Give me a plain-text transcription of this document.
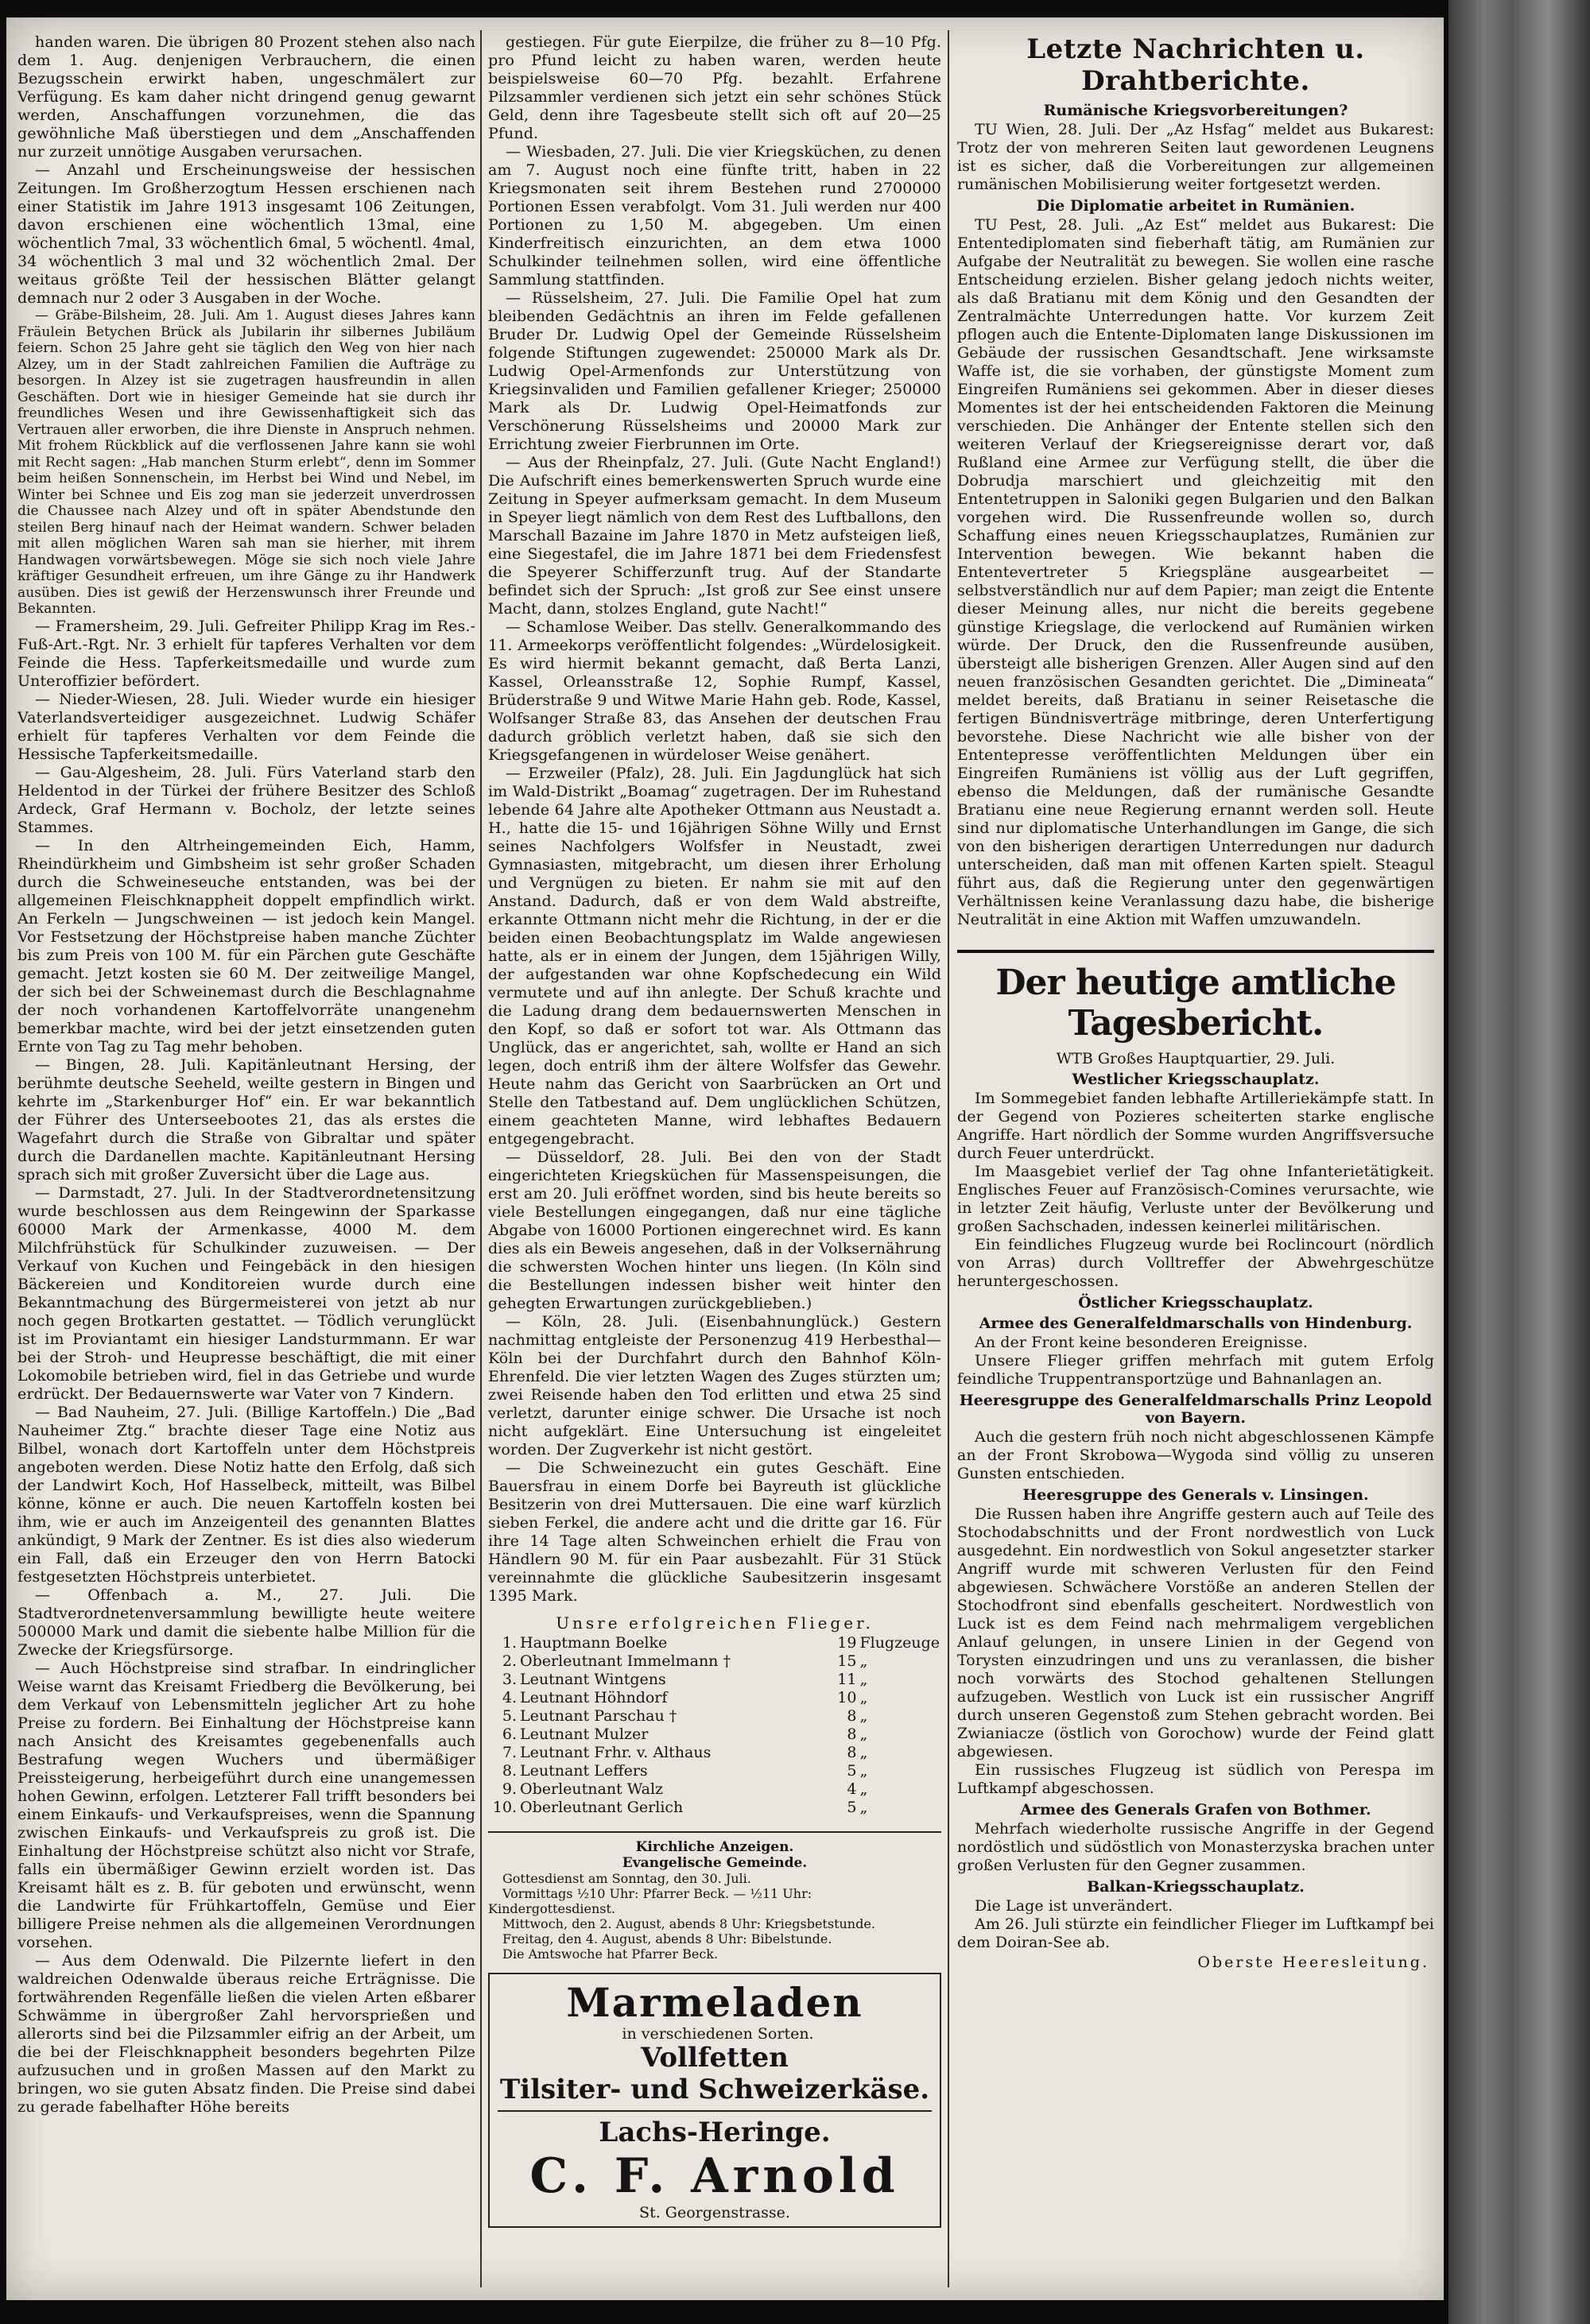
handen waren. Die übrigen 80 Prozent stehen also nach dem 1. Aug. denjenigen Verbrauchern, die einen Bezugsschein erwirkt haben, ungeschmälert zur Verfügung. Es kam daher nicht dringend genug gewarnt werden, Anschaffungen vorzunehmen, die das gewöhnliche Maß überstiegen und dem „Anschaffenden nur zurzeit unnötige Ausgaben verursachen.

— Anzahl und Erscheinungsweise der hessischen Zeitungen. Im Großherzogtum Hessen erschienen nach einer Statistik im Jahre 1913 insgesamt 106 Zeitungen, davon erschienen eine wöchentlich 13mal, eine wöchentlich 7mal, 33 wöchentlich 6mal, 5 wöchentl. 4mal, 34 wöchentlich 3 mal und 32 wöchentlich 2mal. Der weitaus größte Teil der hessischen Blätter gelangt demnach nur 2 oder 3 Ausgaben in der Woche.

— Gräbe-Bilsheim, 28. Juli. Am 1. August dieses Jahres kann Fräulein Betychen Brück als Jubilarin ihr silbernes Jubiläum feiern. Schon 25 Jahre geht sie täglich den Weg von hier nach Alzey, um in der Stadt zahlreichen Familien die Aufträge zu besorgen. In Alzey ist sie zugetragen hausfreundin in allen Geschäften. Dort wie in hiesiger Gemeinde hat sie durch ihr freundliches Wesen und ihre Gewissenhaftigkeit sich das Vertrauen aller erworben, die ihre Dienste in Anspruch nehmen. Mit frohem Rückblick auf die verflossenen Jahre kann sie wohl mit Recht sagen: „Hab manchen Sturm erlebt“, denn im Sommer beim heißen Sonnenschein, im Herbst bei Wind und Nebel, im Winter bei Schnee und Eis zog man sie jederzeit unverdrossen die Chaussee nach Alzey und oft in später Abendstunde den steilen Berg hinauf nach der Heimat wandern. Schwer beladen mit allen möglichen Waren sah man sie hierher, mit ihrem Handwagen vorwärtsbewegen. Möge sie sich noch viele Jahre kräftiger Gesundheit erfreuen, um ihre Gänge zu ihr Handwerk ausüben. Dies ist gewiß der Herzenswunsch ihrer Freunde und Bekannten.

— Framersheim, 29. Juli. Gefreiter Philipp Krag im Res.-Fuß-Art.-Rgt. Nr. 3 erhielt für tapferes Verhalten vor dem Feinde die Hess. Tapferkeitsmedaille und wurde zum Unteroffizier befördert.

— Nieder-Wiesen, 28. Juli. Wieder wurde ein hiesiger Vaterlandsverteidiger ausgezeichnet. Ludwig Schäfer erhielt für tapferes Verhalten vor dem Feinde die Hessische Tapferkeitsmedaille.

— Gau-Algesheim, 28. Juli. Fürs Vaterland starb den Heldentod in der Türkei der frühere Besitzer des Schloß Ardeck, Graf Hermann v. Bocholz, der letzte seines Stammes.

— In den Altrheingemeinden Eich, Hamm, Rheindürkheim und Gimbsheim ist sehr großer Schaden durch die Schweineseuche entstanden, was bei der allgemeinen Fleischknappheit doppelt empfindlich wirkt. An Ferkeln — Jungschweinen — ist jedoch kein Mangel. Vor Festsetzung der Höchstpreise haben manche Züchter bis zum Preis von 100 M. für ein Pärchen gute Geschäfte gemacht. Jetzt kosten sie 60 M. Der zeitweilige Mangel, der sich bei der Schweinemast durch die Beschlagnahme der noch vorhandenen Kartoffelvorräte unangenehm bemerkbar machte, wird bei der jetzt einsetzenden guten Ernte von Tag zu Tag mehr behoben.

— Bingen, 28. Juli. Kapitänleutnant Hersing, der berühmte deutsche Seeheld, weilte gestern in Bingen und kehrte im „Starkenburger Hof“ ein. Er war bekanntlich der Führer des Unterseebootes 21, das als erstes die Wagefahrt durch die Straße von Gibraltar und später durch die Dardanellen machte. Kapitänleutnant Hersing sprach sich mit großer Zuversicht über die Lage aus.

— Darmstadt, 27. Juli. In der Stadtverordnetensitzung wurde beschlossen aus dem Reingewinn der Sparkasse 60000 Mark der Armenkasse, 4000 M. dem Milchfrühstück für Schulkinder zuzuweisen. — Der Verkauf von Kuchen und Feingebäck in den hiesigen Bäckereien und Konditoreien wurde durch eine Bekanntmachung des Bürgermeisterei von jetzt ab nur noch gegen Brotkarten gestattet. — Tödlich verunglückt ist im Proviantamt ein hiesiger Landsturmmann. Er war bei der Stroh- und Heupresse beschäftigt, die mit einer Lokomobile betrieben wird, fiel in das Getriebe und wurde erdrückt. Der Bedauernswerte war Vater von 7 Kindern.

— Bad Nauheim, 27. Juli. (Billige Kartoffeln.) Die „Bad Nauheimer Ztg.“ brachte dieser Tage eine Notiz aus Bilbel, wonach dort Kartoffeln unter dem Höchstpreis angeboten werden. Diese Notiz hatte den Erfolg, daß sich der Landwirt Koch, Hof Hasselbeck, mitteilt, was Bilbel könne, könne er auch. Die neuen Kartoffeln kosten bei ihm, wie er auch im Anzeigenteil des genannten Blattes ankündigt, 9 Mark der Zentner. Es ist dies also wiederum ein Fall, daß ein Erzeuger den von Herrn Batocki festgesetzten Höchstpreis unterbietet.

— Offenbach a. M., 27. Juli. Die Stadtverordnetenversammlung bewilligte heute weitere 500000 Mark und damit die siebente halbe Million für die Zwecke der Kriegsfürsorge.

— Auch Höchstpreise sind strafbar. In eindringlicher Weise warnt das Kreisamt Friedberg die Bevölkerung, bei dem Verkauf von Lebensmitteln jeglicher Art zu hohe Preise zu fordern. Bei Einhaltung der Höchstpreise kann nach Ansicht des Kreisamtes gegebenenfalls auch Bestrafung wegen Wuchers und übermäßiger Preissteigerung, herbeigeführt durch eine unangemessen hohen Gewinn, erfolgen. Letzterer Fall trifft besonders bei einem Einkaufs- und Verkaufspreises, wenn die Spannung zwischen Einkaufs- und Verkaufspreis zu groß ist. Die Einhaltung der Höchstpreise schützt also nicht vor Strafe, falls ein übermäßiger Gewinn erzielt worden ist. Das Kreisamt hält es z. B. für geboten und erwünscht, wenn die Landwirte für Frühkartoffeln, Gemüse und Eier billigere Preise nehmen als die allgemeinen Verordnungen vorsehen.

— Aus dem Odenwald. Die Pilzernte liefert in den waldreichen Odenwalde überaus reiche Erträgnisse. Die fortwährenden Regenfälle ließen die vielen Arten eßbarer Schwämme in übergroßer Zahl hervorsprießen und allerorts sind bei die Pilzsammler eifrig an der Arbeit, um die bei der Fleischknappheit besonders begehrten Pilze aufzusuchen und in großen Massen auf den Markt zu bringen, wo sie guten Absatz finden. Die Preise sind dabei zu gerade fabelhafter Höhe bereits

gestiegen. Für gute Eierpilze, die früher zu 8—10 Pfg. pro Pfund leicht zu haben waren, werden heute beispielsweise 60—70 Pfg. bezahlt. Erfahrene Pilzsammler verdienen sich jetzt ein sehr schönes Stück Geld, denn ihre Tagesbeute stellt sich oft auf 20—25 Pfund.

— Wiesbaden, 27. Juli. Die vier Kriegsküchen, zu denen am 7. August noch eine fünfte tritt, haben in 22 Kriegsmonaten seit ihrem Bestehen rund 2700000 Portionen Essen verabfolgt. Vom 31. Juli werden nur 400 Portionen zu 1,50 M. abgegeben. Um einen Kinderfreitisch einzurichten, an dem etwa 1000 Schulkinder teilnehmen sollen, wird eine öffentliche Sammlung stattfinden.

— Rüsselsheim, 27. Juli. Die Familie Opel hat zum bleibenden Gedächtnis an ihren im Felde gefallenen Bruder Dr. Ludwig Opel der Gemeinde Rüsselsheim folgende Stiftungen zugewendet: 250000 Mark als Dr. Ludwig Opel-Armenfonds zur Unterstützung von Kriegsinvaliden und Familien gefallener Krieger; 250000 Mark als Dr. Ludwig Opel-Heimatfonds zur Verschönerung Rüsselsheims und 20000 Mark zur Errichtung zweier Fierbrunnen im Orte.

— Aus der Rheinpfalz, 27. Juli. (Gute Nacht England!) Die Aufschrift eines bemerkenswerten Spruch wurde eine Zeitung in Speyer aufmerksam gemacht. In dem Museum in Speyer liegt nämlich von dem Rest des Luftballons, den Marschall Bazaine im Jahre 1870 in Metz aufsteigen ließ, eine Siegestafel, die im Jahre 1871 bei dem Friedensfest die Speyerer Schifferzunft trug. Auf der Standarte befindet sich der Spruch: „Ist groß zur See einst unsere Macht, dann, stolzes England, gute Nacht!“

— Schamlose Weiber. Das stellv. Generalkommando des 11. Armeekorps veröffentlicht folgendes: „Würdelosigkeit. Es wird hiermit bekannt gemacht, daß Berta Lanzi, Kassel, Orleansstraße 12, Sophie Rumpf, Kassel, Brüderstraße 9 und Witwe Marie Hahn geb. Rode, Kassel, Wolfsanger Straße 83, das Ansehen der deutschen Frau dadurch gröblich verletzt haben, daß sie sich den Kriegsgefangenen in würdeloser Weise genähert.

— Erzweiler (Pfalz), 28. Juli. Ein Jagdunglück hat sich im Wald-Distrikt „Boamag“ zugetragen. Der im Ruhestand lebende 64 Jahre alte Apotheker Ottmann aus Neustadt a. H., hatte die 15- und 16jährigen Söhne Willy und Ernst seines Nachfolgers Wolfsfer in Neustadt, zwei Gymnasiasten, mitgebracht, um diesen ihrer Erholung und Vergnügen zu bieten. Er nahm sie mit auf den Anstand. Dadurch, daß er von dem Wald abstreifte, erkannte Ottmann nicht mehr die Richtung, in der er die beiden einen Beobachtungsplatz im Walde angewiesen hatte, als er in einem der Jungen, dem 15jährigen Willy, der aufgestanden war ohne Kopfschedecung ein Wild vermutete und auf ihn anlegte. Der Schuß krachte und die Ladung drang dem bedauernswerten Menschen in den Kopf, so daß er sofort tot war. Als Ottmann das Unglück, das er angerichtet, sah, wollte er Hand an sich legen, doch entriß ihm der ältere Wolfsfer das Gewehr. Heute nahm das Gericht von Saarbrücken an Ort und Stelle den Tatbestand auf. Dem unglücklichen Schützen, einem geachteten Manne, wird lebhaftes Bedauern entgegengebracht.

— Düsseldorf, 28. Juli. Bei den von der Stadt eingerichteten Kriegsküchen für Massenspeisungen, die erst am 20. Juli eröffnet worden, sind bis heute bereits so viele Bestellungen eingegangen, daß nur eine tägliche Abgabe von 16000 Portionen eingerechnet wird. Es kann dies als ein Beweis angesehen, daß in der Volksernährung die schwersten Wochen hinter uns liegen. (In Köln sind die Bestellungen indessen bisher weit hinter den gehegten Erwartungen zurückgeblieben.)

— Köln, 28. Juli. (Eisenbahnunglück.) Gestern nachmittag entgleiste der Personenzug 419 Herbesthal—Köln bei der Durchfahrt durch den Bahnhof Köln-Ehrenfeld. Die vier letzten Wagen des Zuges stürzten um; zwei Reisende haben den Tod erlitten und etwa 25 sind verletzt, darunter einige schwer. Die Ursache ist noch nicht aufgeklärt. Eine Untersuchung ist eingeleitet worden. Der Zugverkehr ist nicht gestört.

— Die Schweinezucht ein gutes Geschäft. Eine Bauersfrau in einem Dorfe bei Bayreuth ist glückliche Besitzerin von drei Muttersauen. Die eine warf kürzlich sieben Ferkel, die andere acht und die dritte gar 16. Für ihre 14 Tage alten Schweinchen erhielt die Frau von Händlern 90 M. für ein Paar ausbezahlt. Für 31 Stück vereinnahmte die glückliche Saubesitzerin insgesamt 1395 Mark.

Unsre erfolgreichen Flieger.
1.	Hauptmann Boelke	19	Flugzeuge
2.	Oberleutnant Immelmann †	15	„
3.	Leutnant Wintgens	11	„
4.	Leutnant Höhndorf	10	„
5.	Leutnant Parschau †	8	„
6.	Leutnant Mulzer	8	„
7.	Leutnant Frhr. v. Althaus	8	„
8.	Leutnant Leffers	5	„
9.	Oberleutnant Walz	4	„
10.	Oberleutnant Gerlich	5	„

Kirchliche Anzeigen.

Evangelische Gemeinde.

Gottesdienst am Sonntag, den 30. Juli.

Vormittags ½10 Uhr: Pfarrer Beck. — ½11 Uhr: Kindergottesdienst.

Mittwoch, den 2. August, abends 8 Uhr: Kriegsbetstunde.

Freitag, den 4. August, abends 8 Uhr: Bibelstunde.

Die Amtswoche hat Pfarrer Beck.

Marmeladen in verschiedenen Sorten.

Vollfetten

Tilsiter- und Schweizerkäse.

Lachs-Heringe.

C. F. Arnold

St. Georgenstrasse.

Letzte Nachrichten u. Drahtberichte.

Rumänische Kriegsvorbereitungen?

TU Wien, 28. Juli. Der „Az Hsfag“ meldet aus Bukarest: Trotz der von mehreren Seiten laut gewordenen Leugnens ist es sicher, daß die Vorbereitungen zur allgemeinen rumänischen Mobilisierung weiter fortgesetzt werden.

Die Diplomatie arbeitet in Rumänien.

TU Pest, 28. Juli. „Az Est“ meldet aus Bukarest: Die Ententediplomaten sind fieberhaft tätig, am Rumänien zur Aufgabe der Neutralität zu bewegen. Sie wollen eine rasche Entscheidung erzielen. Bisher gelang jedoch nichts weiter, als daß Bratianu mit dem König und den Gesandten der Zentralmächte Unterredungen hatte. Vor kurzem Zeit pflogen auch die Entente-Diplomaten lange Diskussionen im Gebäude der russischen Gesandtschaft. Jene wirksamste Waffe ist, die sie vorhaben, der günstigste Moment zum Eingreifen Rumäniens sei gekommen. Aber in dieser dieses Momentes ist der hei entscheidenden Faktoren die Meinung verschieden. Die Anhänger der Entente stellen sich den weiteren Verlauf der Kriegsereignisse derart vor, daß Rußland eine Armee zur Verfügung stellt, die über die Dobrudja marschiert und gleichzeitig mit den Ententetruppen in Saloniki gegen Bulgarien und den Balkan vorgehen wird. Die Russenfreunde wollen so, durch Schaffung eines neuen Kriegsschauplatzes, Rumänien zur Intervention bewegen. Wie bekannt haben die Ententevertreter 5 Kriegspläne ausgearbeitet — selbstverständlich nur auf dem Papier; man zeigt die Entente dieser Meinung alles, nur nicht die bereits gegebene günstige Kriegslage, die verlockend auf Rumänien wirken würde. Der Druck, den die Russenfreunde ausüben, übersteigt alle bisherigen Grenzen. Aller Augen sind auf den neuen französischen Gesandten gerichtet. Die „Dimineata“ meldet bereits, daß Bratianu in seiner Reisetasche die fertigen Bündnisverträge mitbringe, deren Unterfertigung bevorstehe. Diese Nachricht wie alle bisher von der Ententepresse veröffentlichten Meldungen über ein Eingreifen Rumäniens ist völlig aus der Luft gegriffen, ebenso die Meldungen, daß der rumänische Gesandte Bratianu eine neue Regierung ernannt werden soll. Heute sind nur diplomatische Unterhandlungen im Gange, die sich von den bisherigen derartigen Unterredungen nur dadurch unterscheiden, daß man mit offenen Karten spielt. Steagul führt aus, daß die Regierung unter den gegenwärtigen Verhältnissen keine Veranlassung dazu habe, die bisherige Neutralität in eine Aktion mit Waffen umzuwandeln.

Der heutige amtliche Tagesbericht.

WTB Großes Hauptquartier, 29. Juli.

Westlicher Kriegsschauplatz.

Im Sommegebiet fanden lebhafte Artilleriekämpfe statt. In der Gegend von Pozieres scheiterten starke englische Angriffe. Hart nördlich der Somme wurden Angriffsversuche durch Feuer unterdrückt.

Im Maasgebiet verlief der Tag ohne Infanterietätigkeit. Englisches Feuer auf Französisch-Comines verursachte, wie in letzter Zeit häufig, Verluste unter der Bevölkerung und großen Sachschaden, indessen keinerlei militärischen.

Ein feindliches Flugzeug wurde bei Roclincourt (nördlich von Arras) durch Volltreffer der Abwehrgeschütze heruntergeschossen.

Östlicher Kriegsschauplatz.

Armee des Generalfeldmarschalls von Hindenburg.

An der Front keine besonderen Ereignisse.

Unsere Flieger griffen mehrfach mit gutem Erfolg feindliche Truppentransportzüge und Bahnanlagen an.

Heeresgruppe des Generalfeldmarschalls Prinz Leopold von Bayern.

Auch die gestern früh noch nicht abgeschlossenen Kämpfe an der Front Skrobowa—Wygoda sind völlig zu unseren Gunsten entschieden.

Heeresgruppe des Generals v. Linsingen.

Die Russen haben ihre Angriffe gestern auch auf Teile des Stochodabschnitts und der Front nordwestlich von Luck ausgedehnt. Ein nordwestlich von Sokul angesetzter starker Angriff wurde mit schweren Verlusten für den Feind abgewiesen. Schwächere Vorstöße an anderen Stellen der Stochodfront sind ebenfalls gescheitert. Nordwestlich von Luck ist es dem Feind nach mehrmaligem vergeblichen Anlauf gelungen, in unsere Linien in der Gegend von Torysten einzudringen und uns zu veranlassen, die bisher noch vorwärts des Stochod gehaltenen Stellungen aufzugeben. Westlich von Luck ist ein russischer Angriff durch unseren Gegenstoß zum Stehen gebracht worden. Bei Zwianiacze (östlich von Gorochow) wurde der Feind glatt abgewiesen.

Ein russisches Flugzeug ist südlich von Perespa im Luftkampf abgeschossen.

Armee des Generals Grafen von Bothmer.

Mehrfach wiederholte russische Angriffe in der Gegend nordöstlich und südöstlich von Monasterzyska brachen unter großen Verlusten für den Gegner zusammen.

Balkan-Kriegsschauplatz.

Die Lage ist unverändert.

Am 26. Juli stürzte ein feindlicher Flieger im Luftkampf bei dem Doiran-See ab.

Oberste Heeresleitung.
